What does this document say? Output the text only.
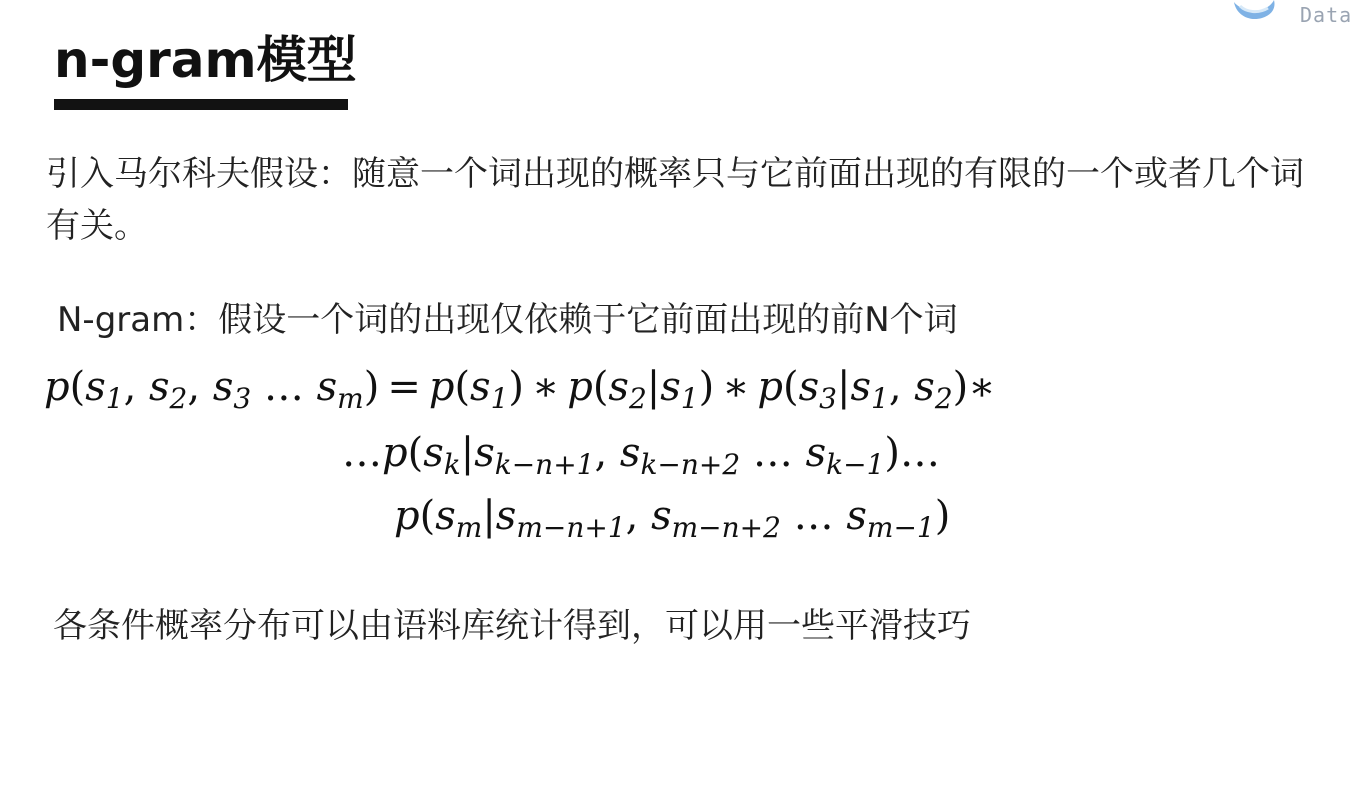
Data
n-gram模型

引入马尔科夫假设：随意一个词出现的概率只与它前面出现的有限的一个或者几个词有关。

N-gram：假设一个词的出现仅依赖于它前面出现的前N个词

$p(s_1$, $s_2$, $s_3$ … $s_m) = p(s_1)$ ∗ $p(s_2|s_1)$ ∗ $p(s_3|s_1$, $s_2)∗$
$\dots p(s_k|s_{k-n+1}$, $s_{k-n+2}$ … $s_{k-1})\dots$
$p(s_m|s_{m-n+1}$, $s_{m-n+2}$ … $s_{m-1}$)

各条件概率分布可以由语料库统计得到，可以用一些平滑技巧
